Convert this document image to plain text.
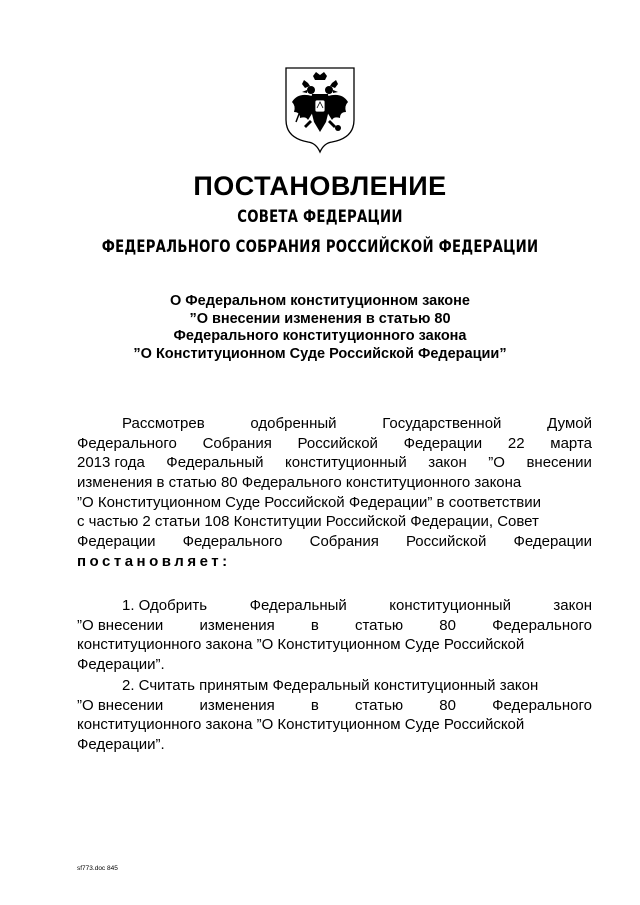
ПОСТАНОВЛЕНИЕ
СОВЕТА ФЕДЕРАЦИИ
ФЕДЕРАЛЬНОГО СОБРАНИЯ РОССИЙСКОЙ ФЕДЕРАЦИИ
О Федеральном конституционном законе
”О внесении изменения в статью 80
Федерального конституционного закона
”О Конституционном Суде Российской Федерации”
Рассмотрев	одобренный	Государственной	Думой
Федерального Собрания Российской Федерации 22 марта
2013 года Федеральный конституционный закон ”О внесении
изменения в статью 80 Федерального конституционного закона
”О Конституционном Суде Российской Федерации” в соответствии
с частью 2 статьи 108 Конституции Российской Федерации, Совет
Федерации Федерального Собрания Российской Федерации
постановляет:
1. Одобрить	Федеральный	конституционный	закон
”О внесении изменения в статью 80 Федерального
конституционного закона ”О Конституционном Суде Российской
Федерации”.
2. Считать принятым Федеральный конституционный закон
”О внесении изменения в статью 80 Федерального
конституционного закона ”О Конституционном Суде Российской
Федерации”.
sf773.doc 845
